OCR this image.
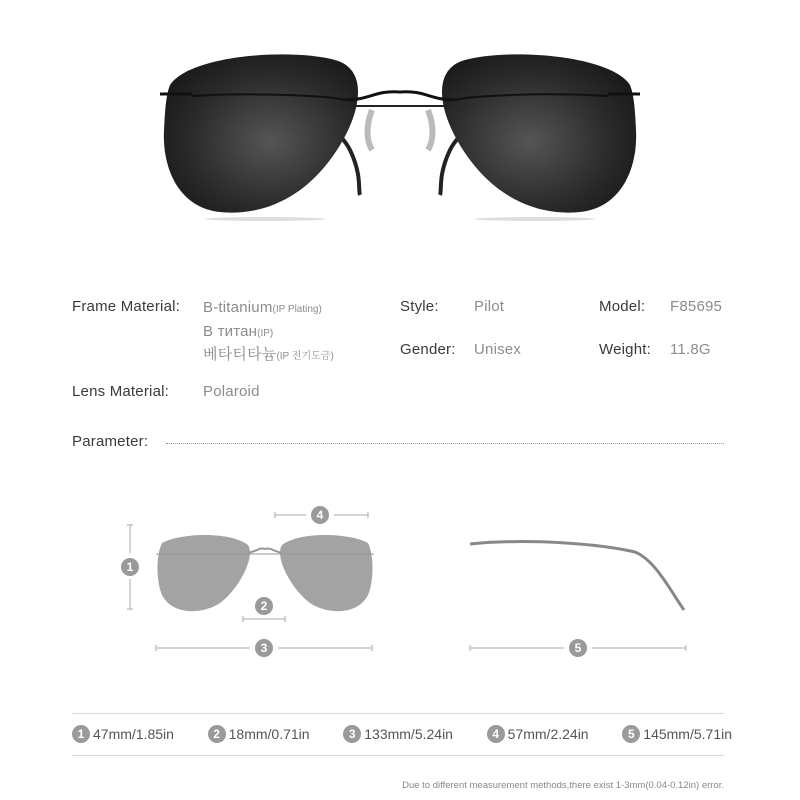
Frame Material: B-titanium(IP Plating)
B титан(IP)
베타티타늄(IP 전기도금)
Style: Pilot
Gender: Unisex
Model: F85695
Weight: 11.8G
Lens Material: Polaroid
Parameter:
1
4
2
3	5
1 47mm/1.85in	2 18mm/0.71in	3 133mm/5.24in	4 57mm/2.24in	5 145mm/5.71in
Due to different measurement methods,there exist 1-3mm(0.04-0.12in) error.
